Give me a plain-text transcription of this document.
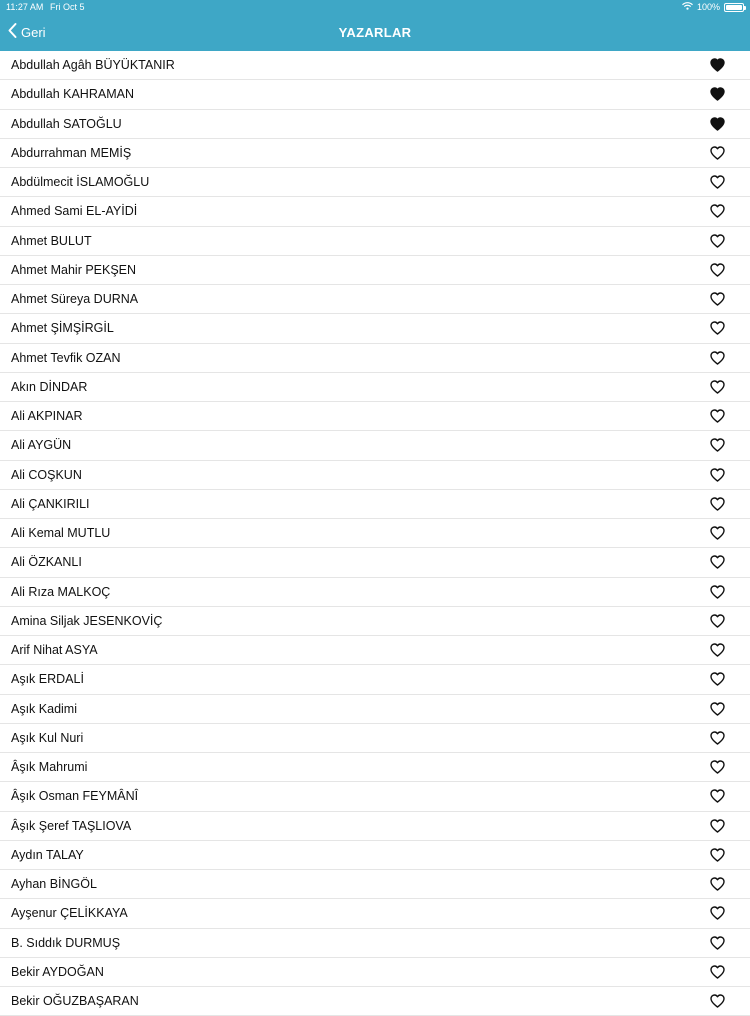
11:27 AM Fri Oct 5	100%
Geri	YAZARLAR
Abdullah Agâh BÜYÜKTANIR
Abdullah KAHRAMAN
Abdullah SATOĞLU
Abdurrahman MEMİŞ
Abdülmecit İSLAMOĞLU
Ahmed Sami EL-AYİDİ
Ahmet BULUT
Ahmet Mahir PEKŞEN
Ahmet Süreya DURNA
Ahmet ŞİMŞİRGİL
Ahmet Tevfik OZAN
Akın DİNDAR
Ali AKPINAR
Ali AYGÜN
Ali COŞKUN
Ali ÇANKIRILI
Ali Kemal MUTLU
Ali ÖZKANLI
Ali Rıza MALKOÇ
Amina Siljak JESENKOVİÇ
Arif Nihat ASYA
Aşık ERDALİ
Aşık Kadimi
Aşık Kul Nuri
Âşık Mahrumi
Âşık Osman FEYMÂNÎ
Âşık Şeref TAŞLIOVA
Aydın TALAY
Ayhan BİNGÖL
Ayşenur ÇELİKKAYA
B. Sıddık DURMUŞ
Bekir AYDOĞAN
Bekir OĞUZBAŞARAN
